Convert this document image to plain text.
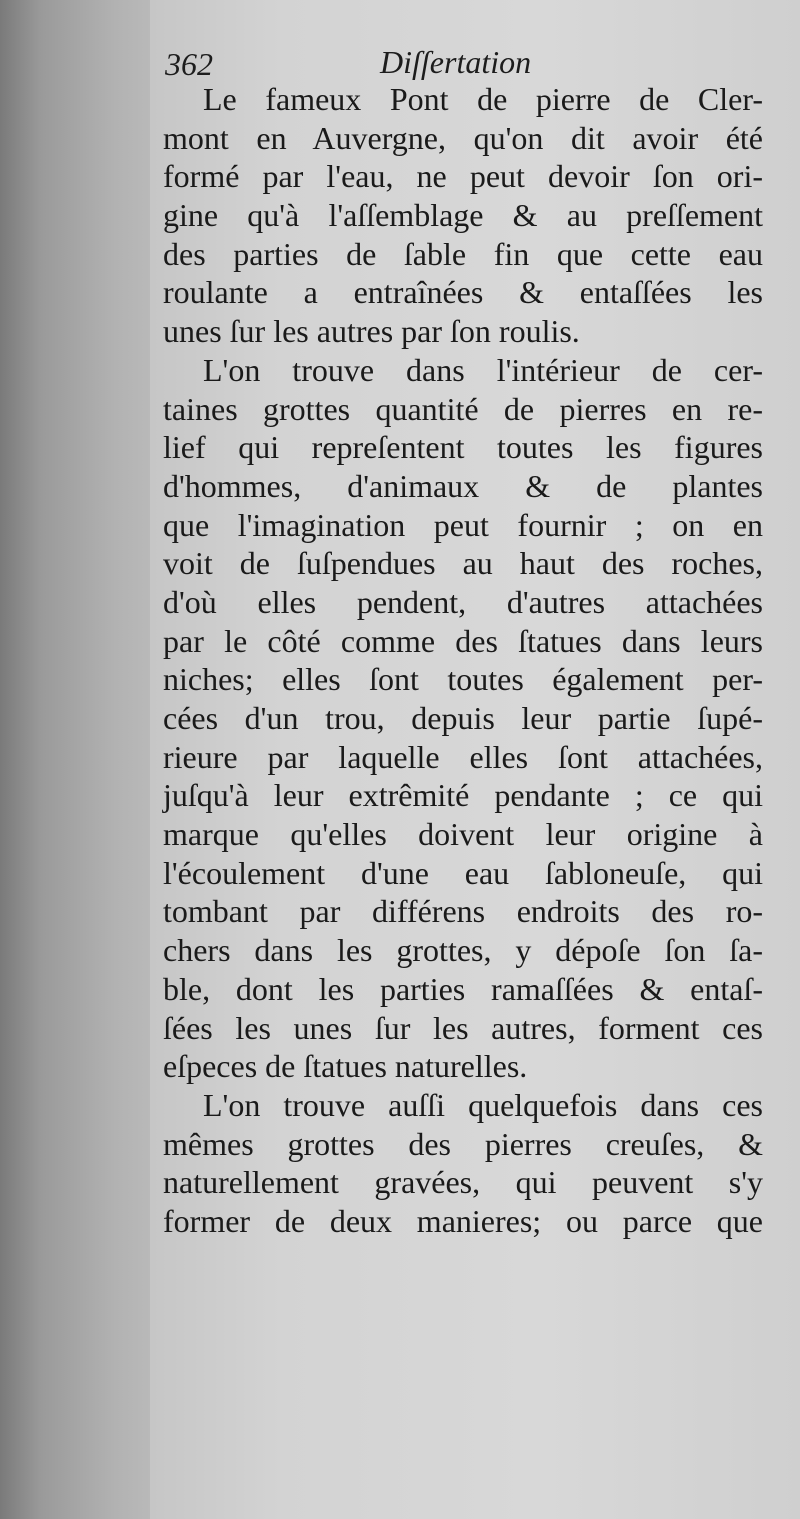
362	Diſſertation
Le fameux Pont de pierre de Cler-
mont en Auvergne, qu'on dit avoir été
formé par l'eau, ne peut devoir ſon ori-
gine qu'à l'aſſemblage & au preſſement
des parties de ſable fin que cette eau
roulante a entraînées & entaſſées les
unes ſur les autres par ſon roulis.
L'on trouve dans l'intérieur de cer-
taines grottes quantité de pierres en re-
lief qui repreſentent toutes les figures
d'hommes, d'animaux & de plantes
que l'imagination peut fournir ; on en
voit de ſuſpendues au haut des roches,
d'où elles pendent, d'autres attachées
par le côté comme des ſtatues dans leurs
niches; elles ſont toutes également per-
cées d'un trou, depuis leur partie ſupé-
rieure par laquelle elles ſont attachées,
juſqu'à leur extrêmité pendante ; ce qui
marque qu'elles doivent leur origine à
l'écoulement d'une eau ſabloneuſe, qui
tombant par différens endroits des ro-
chers dans les grottes, y dépoſe ſon ſa-
ble, dont les parties ramaſſées & entaſ-
ſées les unes ſur les autres, forment ces
eſpeces de ſtatues naturelles.
L'on trouve auſſi quelquefois dans ces
mêmes grottes des pierres creuſes, &
naturellement gravées, qui peuvent s'y
former de deux manieres; ou parce que
